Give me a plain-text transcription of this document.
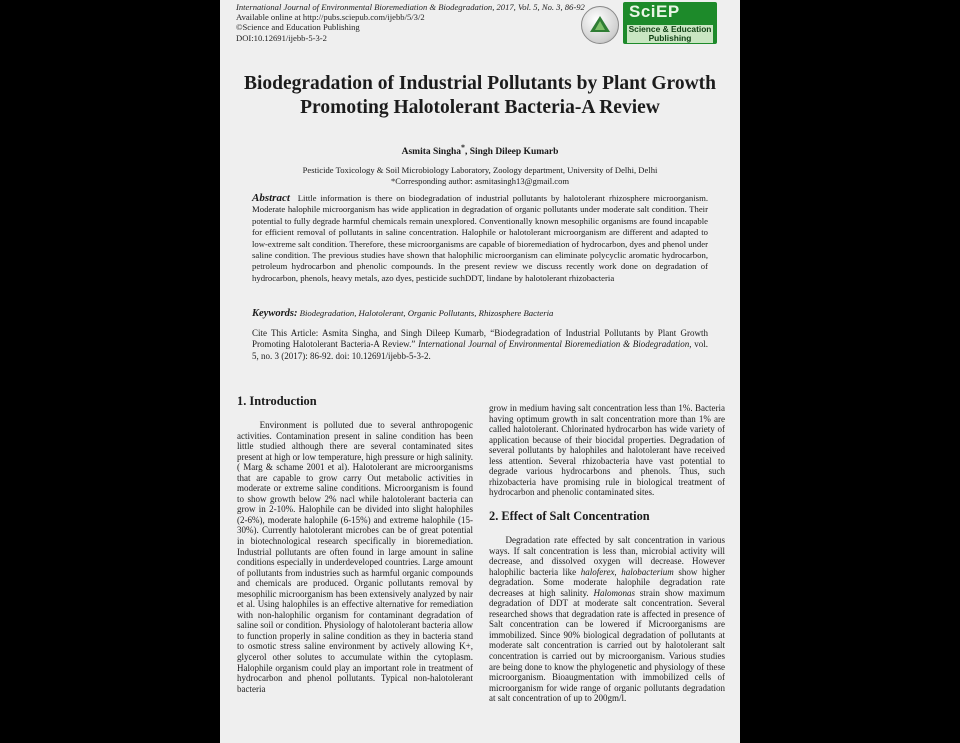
International Journal of Environmental Bioremediation & Biodegradation, 2017, Vol. 5, No. 3, 86-92
Available online at http://pubs.sciepub.com/ijebb/5/3/2
©Science and Education Publishing
DOI:10.12691/ijebb-5-3-2
SciEP
Science & Education Publishing
Biodegradation of Industrial Pollutants by Plant Growth Promoting Halotolerant Bacteria-A Review
Asmita Singha*, Singh Dileep Kumarb
Pesticide Toxicology & Soil Microbiology Laboratory, Zoology department, University of Delhi, Delhi
*Corresponding author: asmitasingh13@gmail.com
Abstract Little information is there on biodegradation of industrial pollutants by halotolerant rhizosphere microorganism. Moderate halophile microorganism has wide application in degradation of organic pollutants under moderate salt condition. Their potential to fully degrade harmful chemicals remain unexplored. Conventionally known mesophilic organisms are found incapable for efficient removal of pollutants in saline concentration. Halophile or halotolerant microorganism are different and adapted to low-extreme salt condition. Therefore, these microorganisms are capable of bioremediation of hydrocarbon, dyes and phenol under saline condition. The previous studies have shown that halophilic microorganism can eliminate polycyclic aromatic hydrocarbon, petroleum hydrocarbon and phenolic compounds. In the present review we discuss recently work done on degradation of hydrocarbon, phenols, heavy metals, azo dyes, pesticide suchDDT, lindane by halotolerant rhizobacteria
Keywords: Biodegradation, Halotolerant, Organic Pollutants, Rhizosphere Bacteria
Cite This Article: Asmita Singha, and Singh Dileep Kumarb, “Biodegradation of Industrial Pollutants by Plant Growth Promoting Halotolerant Bacteria-A Review.” International Journal of Environmental Bioremediation & Biodegradation, vol. 5, no. 3 (2017): 86-92. doi: 10.12691/ijebb-5-3-2.
1. Introduction
Environment is polluted due to several anthropogenic activities. Contamination present in saline condition has been little studied although there are several contaminated sites present at high or low temperature, high pressure or high salinity. ( Marg & schame 2001 et al). Halotolerant are microorganisms that are capable to grow carry Out metabolic activities in moderate or extreme saline conditions. Microorganism is found to show growth below 2% nacl while halotolerant bacteria can grow in 2-10%. Halophile can be divided into slight halophiles (2-6%), moderate halophile (6-15%) and extreme halophile (15-30%). Currently halotolerant microbes can be of great potential in biotechnological research specifically in bioremediation. Industrial pollutants are often found in large amount in saline conditions especially in underdeveloped countries. Large amount of pollutants from industries such as harmful organic compounds and chemicals are produced. Organic pollutants removal by mesophilic microorganism has been extensively analyzed by nair et al. Using halophiles is an effective alternative for remediation with non-halophilic organism for contaminant degradation of saline soil or condition. Physiology of halotolerant bacteria allow to function properly in saline condition as they in bacteria stand to osmotic stress saline environment by actively allowing K+, glycerol other solutes to accumulate within the cytoplasm. Halophile organism could play an important role in treatment of hydrocarbon and phenol pollutants. Typical non-halotolerant bacteria
grow in medium having salt concentration less than 1%. Bacteria having optimum growth in salt concentration more than 1% are called halotolerant. Chlorinated hydrocarbon has wide variety of application because of their biocidal properties. Degradation of several pollutants by halophiles and halotolerant have received less attention. Several rhizobacteria have vast potential to degrade various hydrocarbons and phenols. Thus, such rhizobacteria have promising rule in biological treatment of hydrocarbon and phenolic contaminated sites.
2. Effect of Salt Concentration
Degradation rate effected by salt concentration in various ways. If salt concentration is less than, microbial activity will decrease, and dissolved oxygen will decrease. However halophilic bacteria like haloferex, halobacterium show higher degradation. Some moderate halophile degradation rate decreases at high salinity. Halomonas strain show maximum degradation of DDT at moderate salt concentration. Several researched shows that degradation rate is affected in presence of Salt concentration can be lowered if Microorganisms are immobilized. Since 90% biological degradation of pollutants at moderate salt concentration is carried out by halotolerant salt concentration is carried out by microorganism. Various studies are being done to know the phylogenetic and physiology of these microorganism. Bioaugmentation with immobilized cells of microorganism for wide range of organic pollutants degradation at salt concentration of up to 200gm/l.
